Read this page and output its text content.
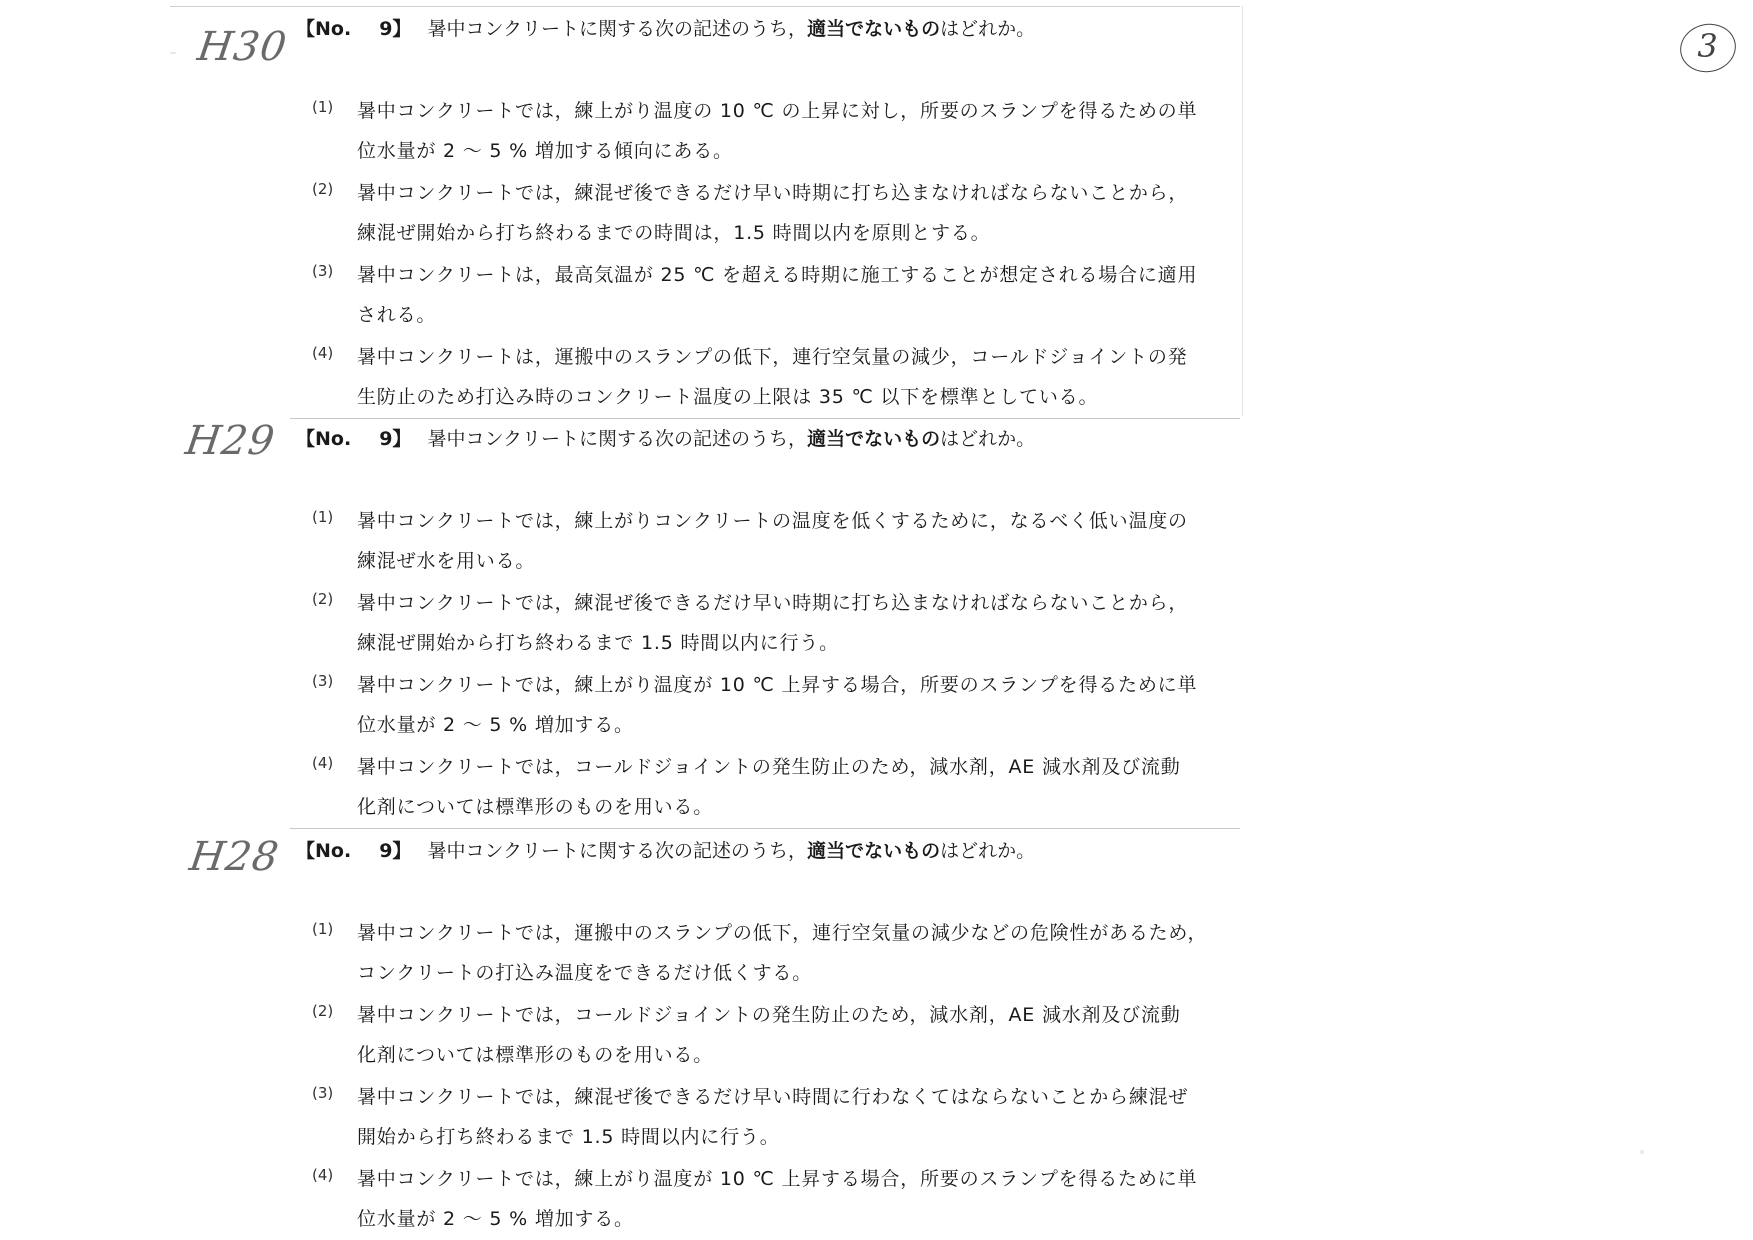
3
H30 【No. 9】 暑中コンクリートに関する次の記述のうち，適当でないものはどれか。
(1) 暑中コンクリートでは，練上がり温度の 10 ℃ の上昇に対し，所要のスランプを得るための単
位水量が 2 ～ 5 % 増加する傾向にある。
(2) 暑中コンクリートでは，練混ぜ後できるだけ早い時期に打ち込まなければならないことから，
練混ぜ開始から打ち終わるまでの時間は，1.5 時間以内を原則とする。
(3) 暑中コンクリートは，最高気温が 25 ℃ を超える時期に施工することが想定される場合に適用
される。
(4) 暑中コンクリートは，運搬中のスランプの低下，連行空気量の減少，コールドジョイントの発
生防止のため打込み時のコンクリート温度の上限は 35 ℃ 以下を標準としている。
H29 【No. 9】 暑中コンクリートに関する次の記述のうち，適当でないものはどれか。
(1) 暑中コンクリートでは，練上がりコンクリートの温度を低くするために，なるべく低い温度の
練混ぜ水を用いる。
(2) 暑中コンクリートでは，練混ぜ後できるだけ早い時期に打ち込まなければならないことから，
練混ぜ開始から打ち終わるまで 1.5 時間以内に行う。
(3) 暑中コンクリートでは，練上がり温度が 10 ℃ 上昇する場合，所要のスランプを得るために単
位水量が 2 ～ 5 % 増加する。
(4) 暑中コンクリートでは，コールドジョイントの発生防止のため，減水剤，AE 減水剤及び流動
化剤については標準形のものを用いる。
H28 【No. 9】 暑中コンクリートに関する次の記述のうち，適当でないものはどれか。
(1) 暑中コンクリートでは，運搬中のスランプの低下，連行空気量の減少などの危険性があるため，
コンクリートの打込み温度をできるだけ低くする。
(2) 暑中コンクリートでは，コールドジョイントの発生防止のため，減水剤，AE 減水剤及び流動
化剤については標準形のものを用いる。
(3) 暑中コンクリートでは，練混ぜ後できるだけ早い時間に行わなくてはならないことから練混ぜ
開始から打ち終わるまで 1.5 時間以内に行う。
(4) 暑中コンクリートでは，練上がり温度が 10 ℃ 上昇する場合，所要のスランプを得るために単
位水量が 2 ～ 5 % 増加する。
